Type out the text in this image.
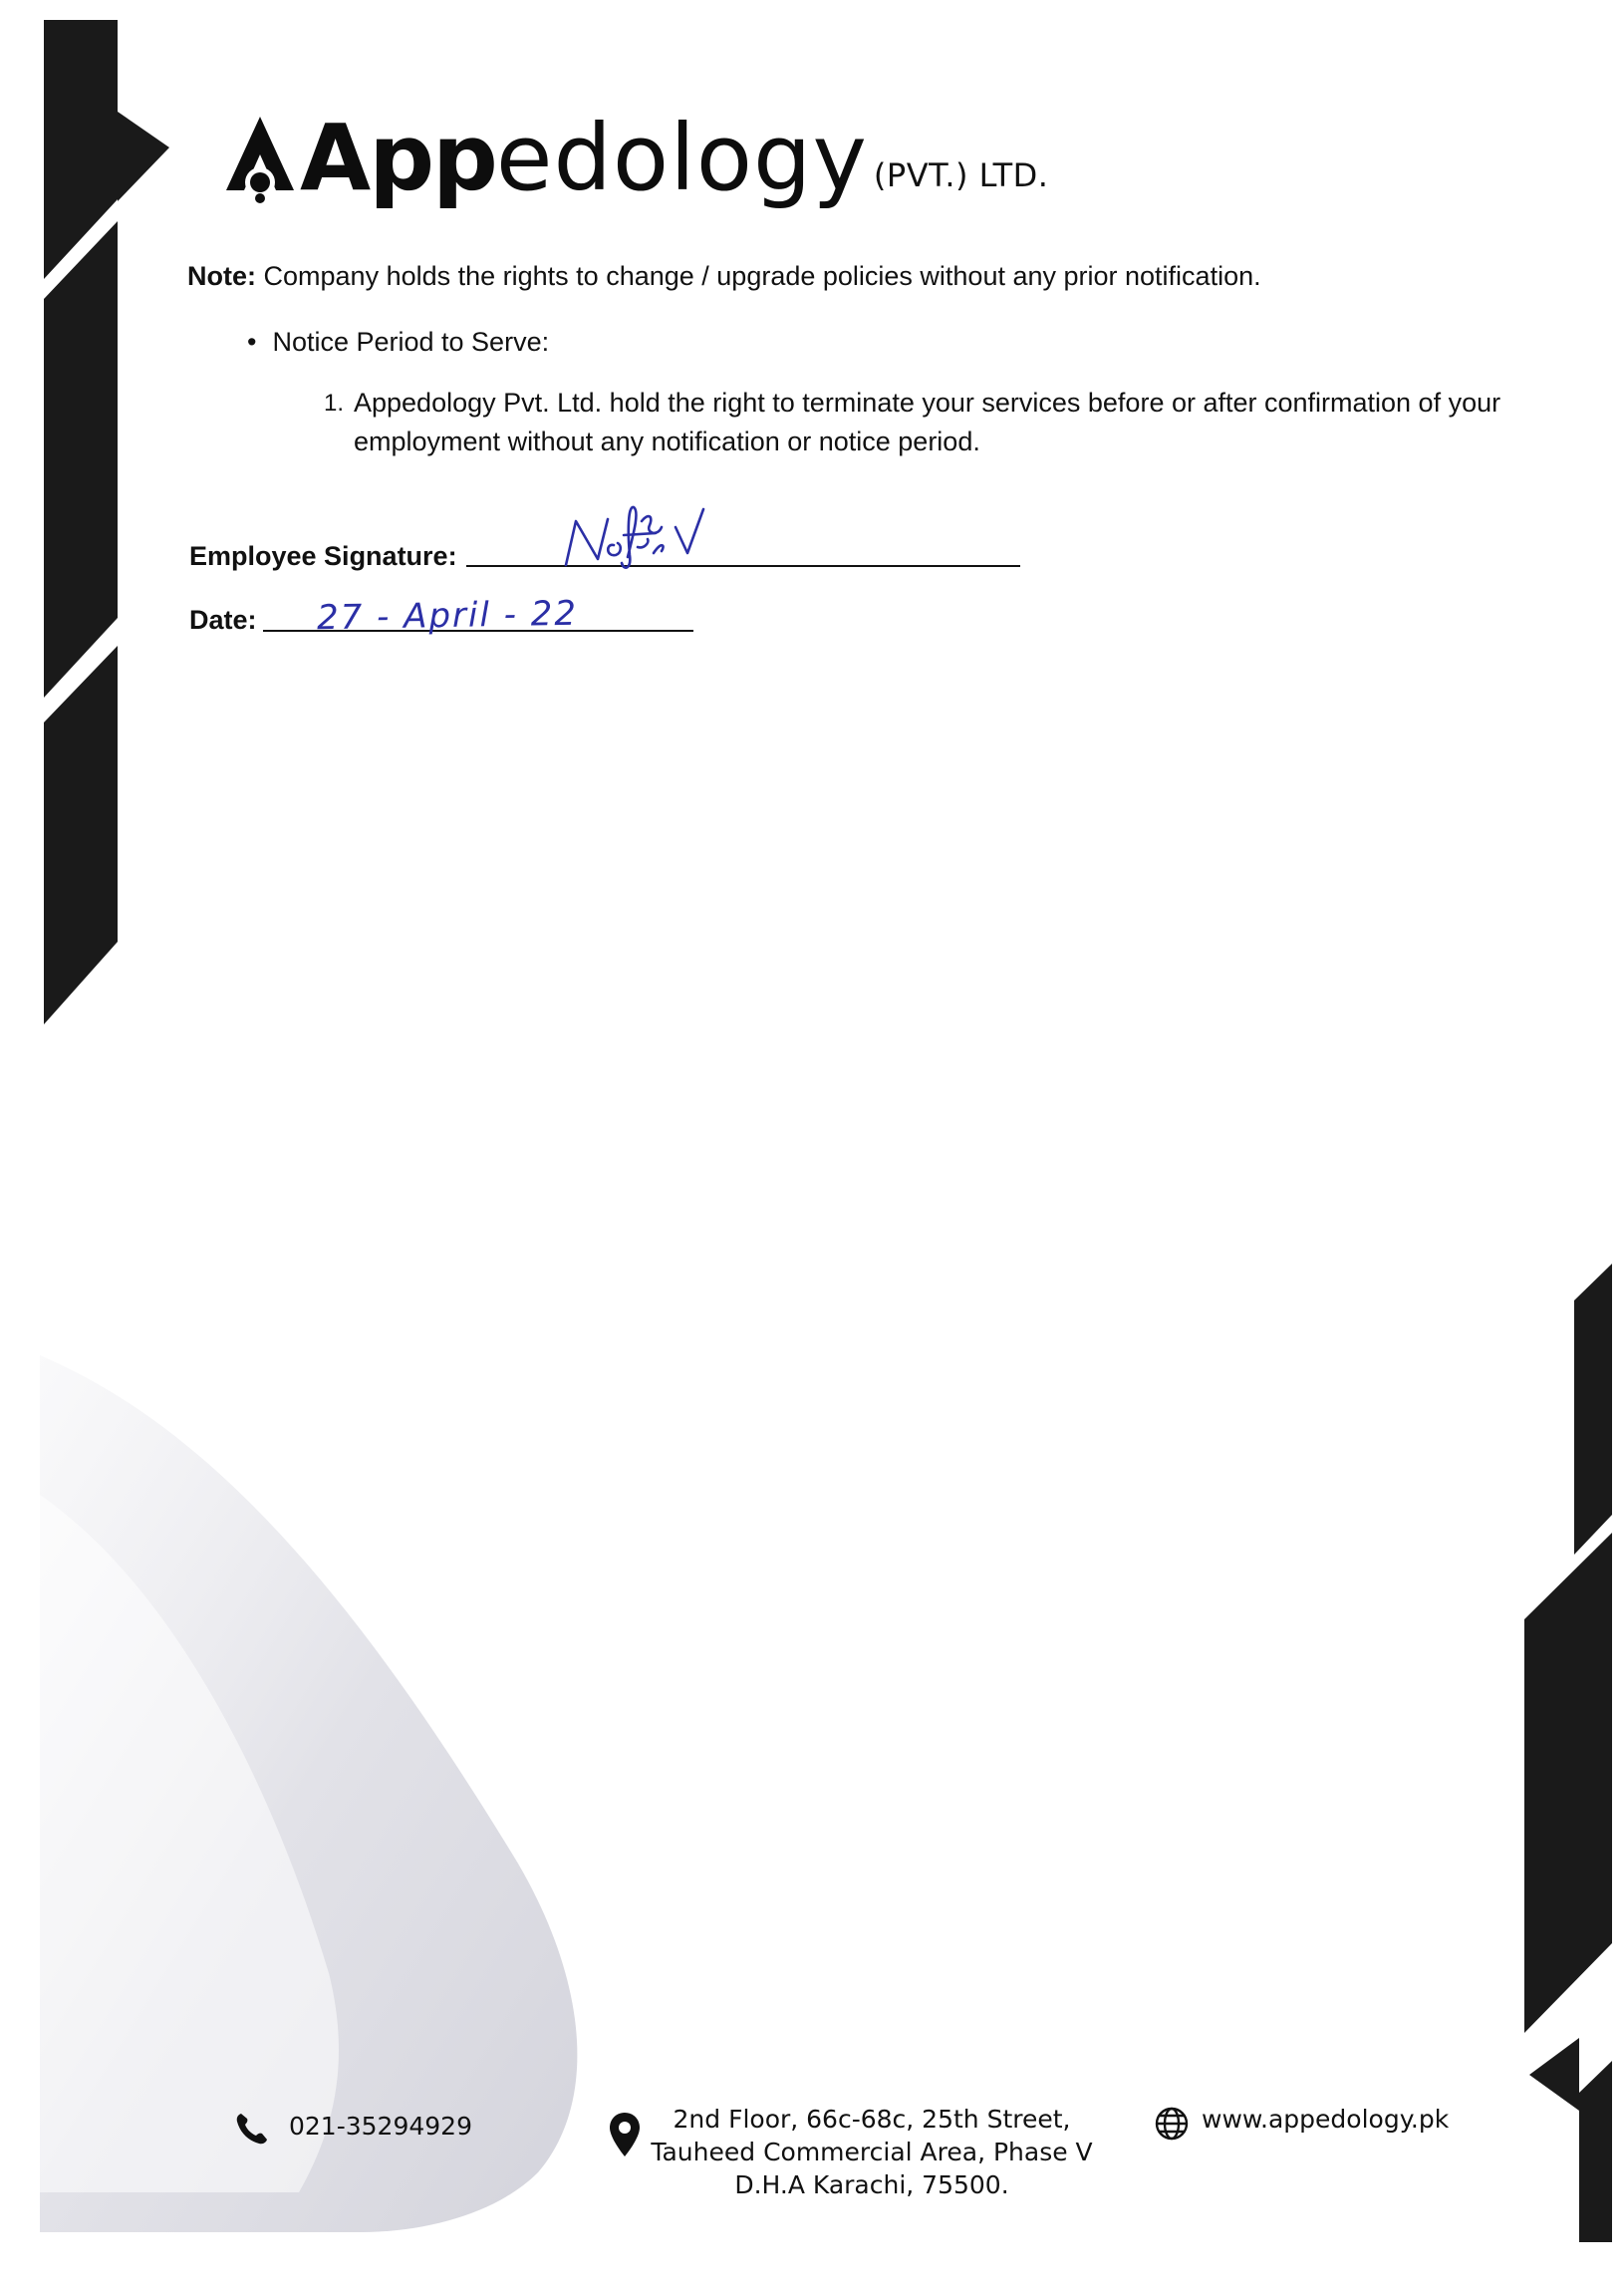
App edology (PVT.) LTD.
Note: Company holds the rights to change / upgrade policies without any prior notification.
• Notice Period to Serve:
1. Appedology Pvt. Ltd. hold the right to terminate your services before or after confirmation of your employment without any notification or notice period.
Employee Signature:
Date: 27 - April - 22
021-35294929	2nd Floor, 66c-68c, 25th Street,
Tauheed Commercial Area, Phase V
D.H.A Karachi, 75500.
www.appedology.pk
